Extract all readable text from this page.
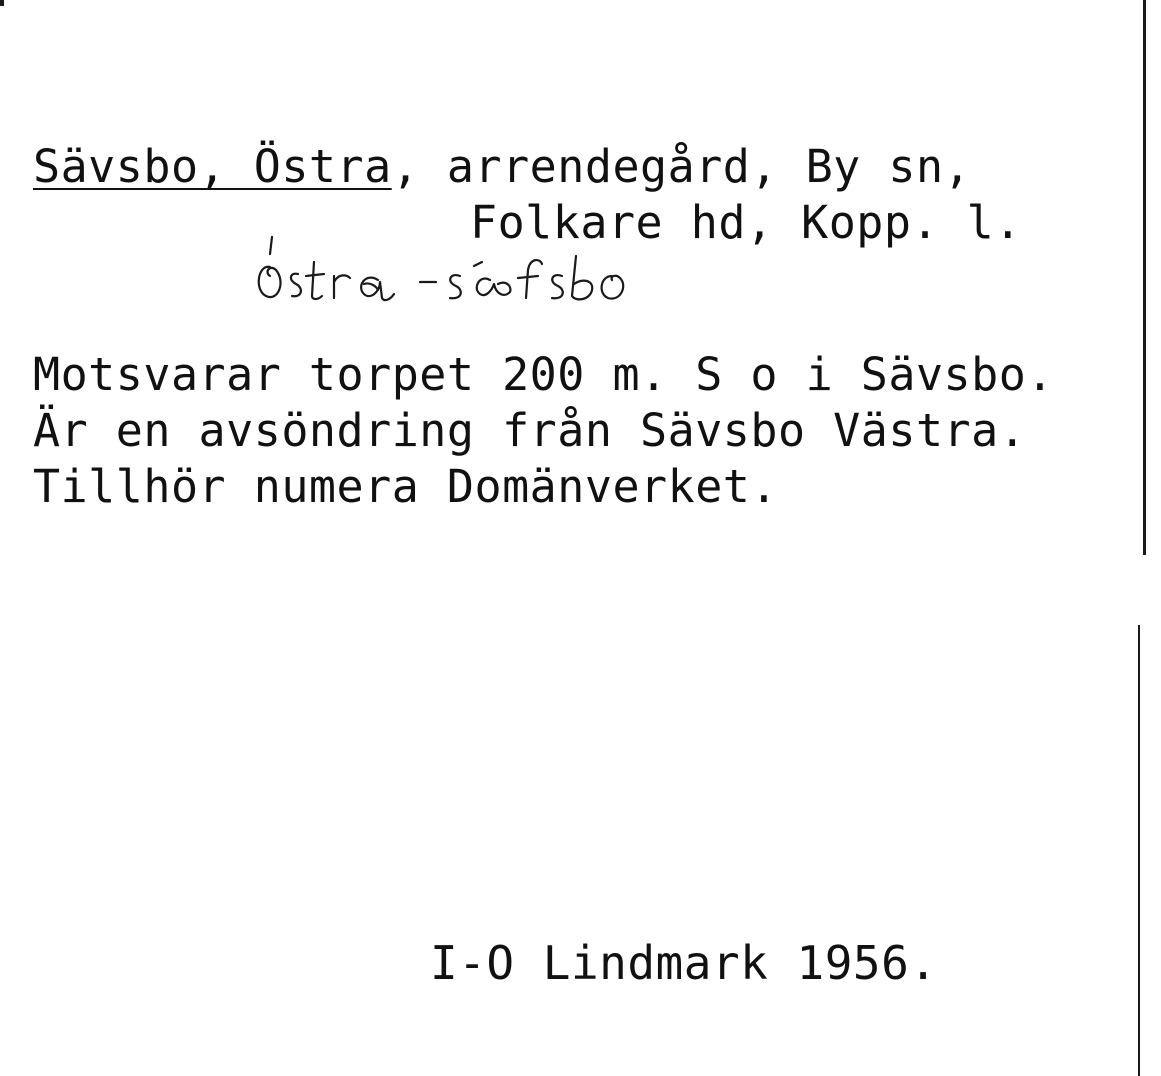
Sävsbo, Östra, arrendegård, By sn,
Folkare hd, Kopp. l.
Motsvarar torpet 200 m. S o i Sävsbo.
Är en avsöndring från Sävsbo Västra.
Tillhör numera Domänverket.
I-O Lindmark 1956.
